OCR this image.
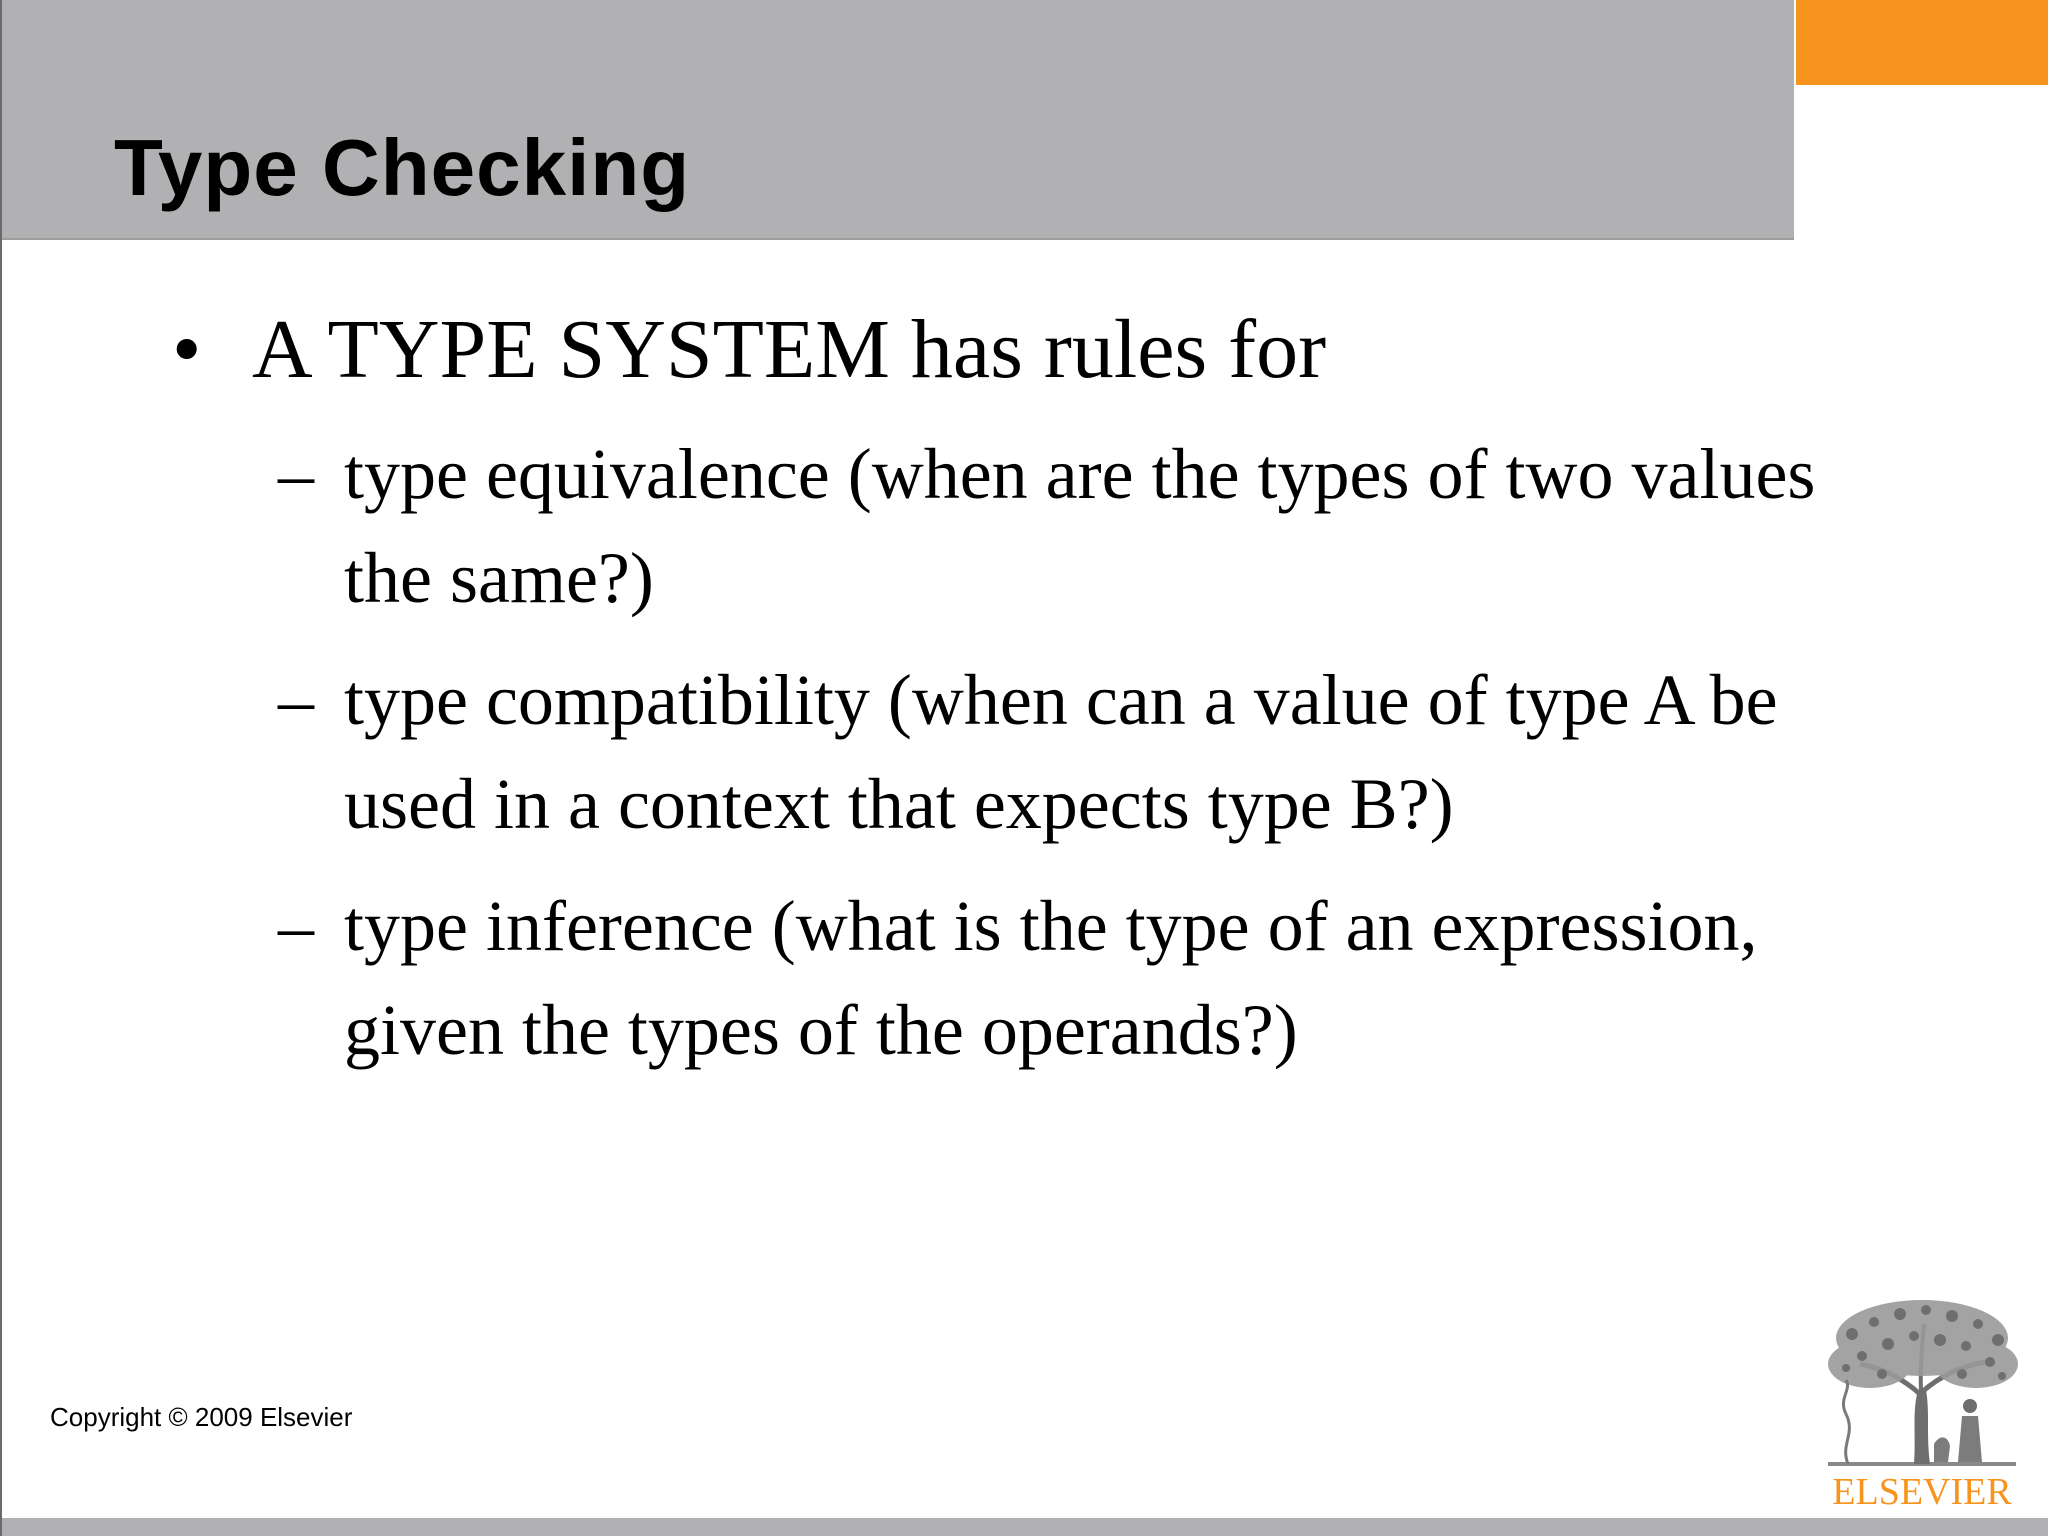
Type Checking
• A TYPE SYSTEM has rules for
– type equivalence (when are the types of two values the same?)
– type compatibility (when can a value of type A be used in a context that expects type B?)
– type inference (what is the type of an expression, given the types of the operands?)
Copyright © 2009 Elsevier
ELSEVIER
